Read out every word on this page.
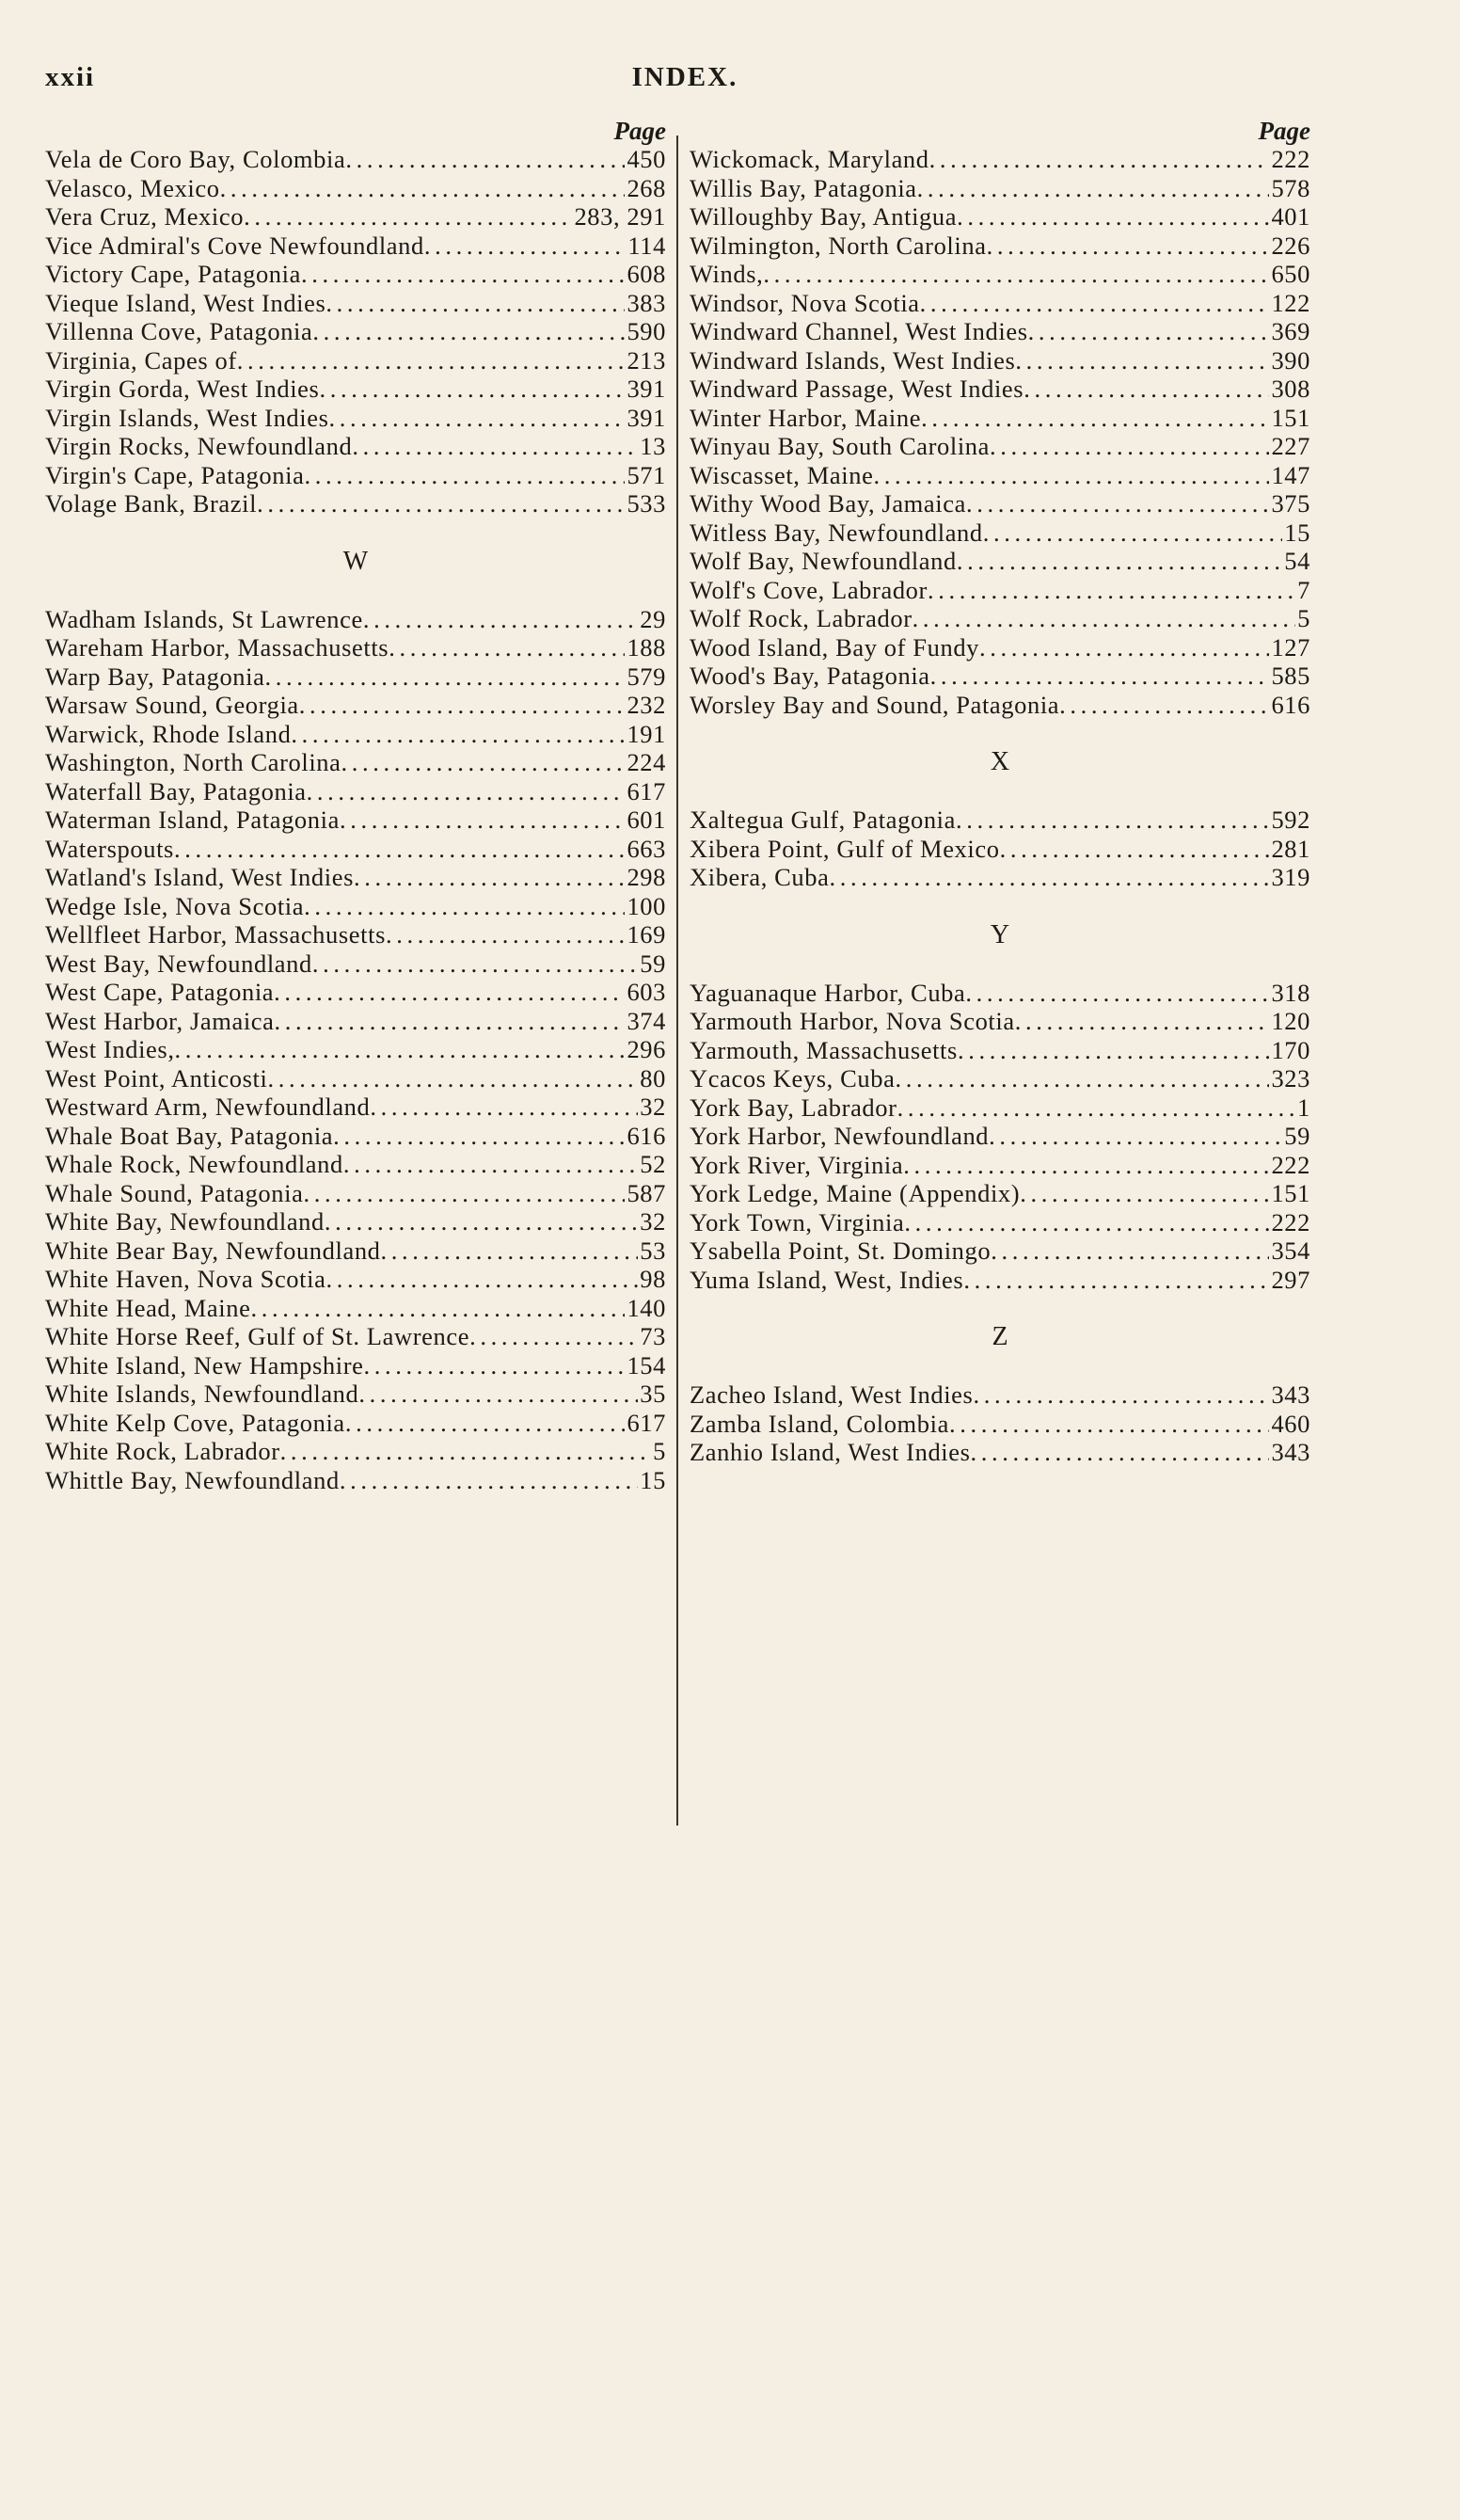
INDEX.
xxii
Page
Vela de Coro Bay, Colombia . . .	450
Velasco, Mexico . . .	268
Vera Cruz, Mexico . . .	283, 291
Vice Admiral's Cove Newfoundland . . .	114
Victory Cape, Patagonia . . .	608
Vieque Island, West Indies . . .	383
Villenna Cove, Patagonia . . .	590
Virginia, Capes of . . .	213
Virgin Gorda, West Indies . . .	391
Virgin Islands, West Indies . . .	391
Virgin Rocks, Newfoundland . . .	13
Virgin's Cape, Patagonia . . .	571
Volage Bank, Brazil . . .	533
W
Wadham Islands, St Lawrence . . .	29
Wareham Harbor, Massachusetts . . .	188
Warp Bay, Patagonia . . .	579
Warsaw Sound, Georgia . . .	232
Warwick, Rhode Island . . .	191
Washington, North Carolina . . .	224
Waterfall Bay, Patagonia . . .	617
Waterman Island, Patagonia . . .	601
Waterspouts . . .	663
Watland's Island, West Indies . . .	298
Wedge Isle, Nova Scotia . . .	100
Wellfleet Harbor, Massachusetts . . .	169
West Bay, Newfoundland . . .	59
West Cape, Patagonia . . .	603
West Harbor, Jamaica . . .	374
West Indies, . . .	296
West Point, Anticosti . . .	80
Westward Arm, Newfoundland . . .	32
Whale Boat Bay, Patagonia . . .	616
Whale Rock, Newfoundland . . .	52
Whale Sound, Patagonia . . .	587
White Bay, Newfoundland . . .	32
White Bear Bay, Newfoundland . . .	53
White Haven, Nova Scotia . . .	98
White Head, Maine . . .	140
White Horse Reef, Gulf of St. Lawrence . . .	73
White Island, New Hampshire . . .	154
White Islands, Newfoundland . . .	35
White Kelp Cove, Patagonia . . .	617
White Rock, Labrador . . .	5
Whittle Bay, Newfoundland . . .	15
Page
Wickomack, Maryland . . .	222
Willis Bay, Patagonia . . .	578
Willoughby Bay, Antigua . . .	401
Wilmington, North Carolina . . .	226
Winds, . . .	650
Windsor, Nova Scotia . . .	122
Windward Channel, West Indies . . .	369
Windward Islands, West Indies . . .	390
Windward Passage, West Indies . . .	308
Winter Harbor, Maine . . .	151
Winyau Bay, South Carolina . . .	227
Wiscasset, Maine . . .	147
Withy Wood Bay, Jamaica . . .	375
Witless Bay, Newfoundland . . .	15
Wolf Bay, Newfoundland . . .	54
Wolf's Cove, Labrador . . .	7
Wolf Rock, Labrador . . .	5
Wood Island, Bay of Fundy . . .	127
Wood's Bay, Patagonia . . .	585
Worsley Bay and Sound, Patagonia . . .	616
X
Xaltegua Gulf, Patagonia . . .	592
Xibera Point, Gulf of Mexico . . .	281
Xibera, Cuba . . .	319
Y
Yaguanaque Harbor, Cuba . . .	318
Yarmouth Harbor, Nova Scotia . . .	120
Yarmouth, Massachusetts . . .	170
Ycacos Keys, Cuba . . .	323
York Bay, Labrador . . .	1
York Harbor, Newfoundland . . .	59
York River, Virginia . . .	222
York Ledge, Maine (Appendix) . . .	151
York Town, Virginia . . .	222
Ysabella Point, St. Domingo . . .	354
Yuma Island, West, Indies . . .	297
Z
Zacheo Island, West Indies . . .	343
Zamba Island, Colombia . . .	460
Zanhio Island, West Indies . . .	343
